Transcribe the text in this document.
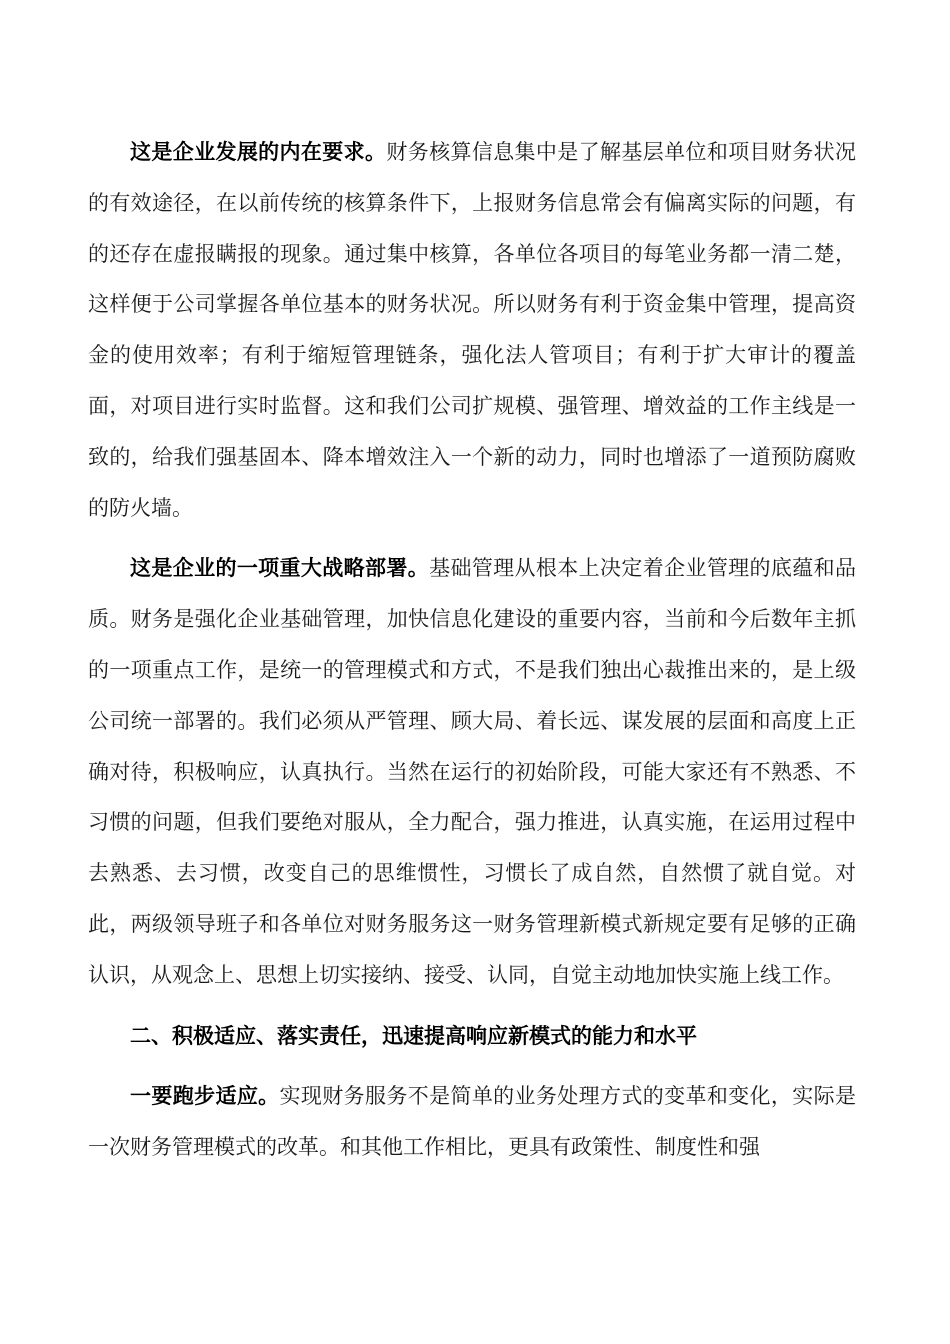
这是企业发展的内在要求。财务核算信息集中是了解基层单位和项目财务状况的有效途径，在以前传统的核算条件下，上报财务信息常会有偏离实际的问题，有的还存在虚报瞒报的现象。通过集中核算，各单位各项目的每笔业务都一清二楚，这样便于公司掌握各单位基本的财务状况。所以财务有利于资金集中管理，提高资金的使用效率；有利于缩短管理链条，强化法人管项目；有利于扩大审计的覆盖面，对项目进行实时监督。这和我们公司扩规模、强管理、增效益的工作主线是一致的，给我们强基固本、降本增效注入一个新的动力，同时也增添了一道预防腐败的防火墙。

这是企业的一项重大战略部署。基础管理从根本上决定着企业管理的底蕴和品质。财务是强化企业基础管理，加快信息化建设的重要内容，当前和今后数年主抓的一项重点工作，是统一的管理模式和方式，不是我们独出心裁推出来的，是上级公司统一部署的。我们必须从严管理、顾大局、着长远、谋发展的层面和高度上正确对待，积极响应，认真执行。当然在运行的初始阶段，可能大家还有不熟悉、不习惯的问题，但我们要绝对服从，全力配合，强力推进，认真实施，在运用过程中去熟悉、去习惯，改变自己的思维惯性，习惯长了成自然，自然惯了就自觉。对此，两级领导班子和各单位对财务服务这一财务管理新模式新规定要有足够的正确认识，从观念上、思想上切实接纳、接受、认同，自觉主动地加快实施上线工作。

二、积极适应、落实责任，迅速提高响应新模式的能力和水平

一要跑步适应。实现财务服务不是简单的业务处理方式的变革和变化，实际是一次财务管理模式的改革。和其他工作相比，更具有政策性、制度性和强
